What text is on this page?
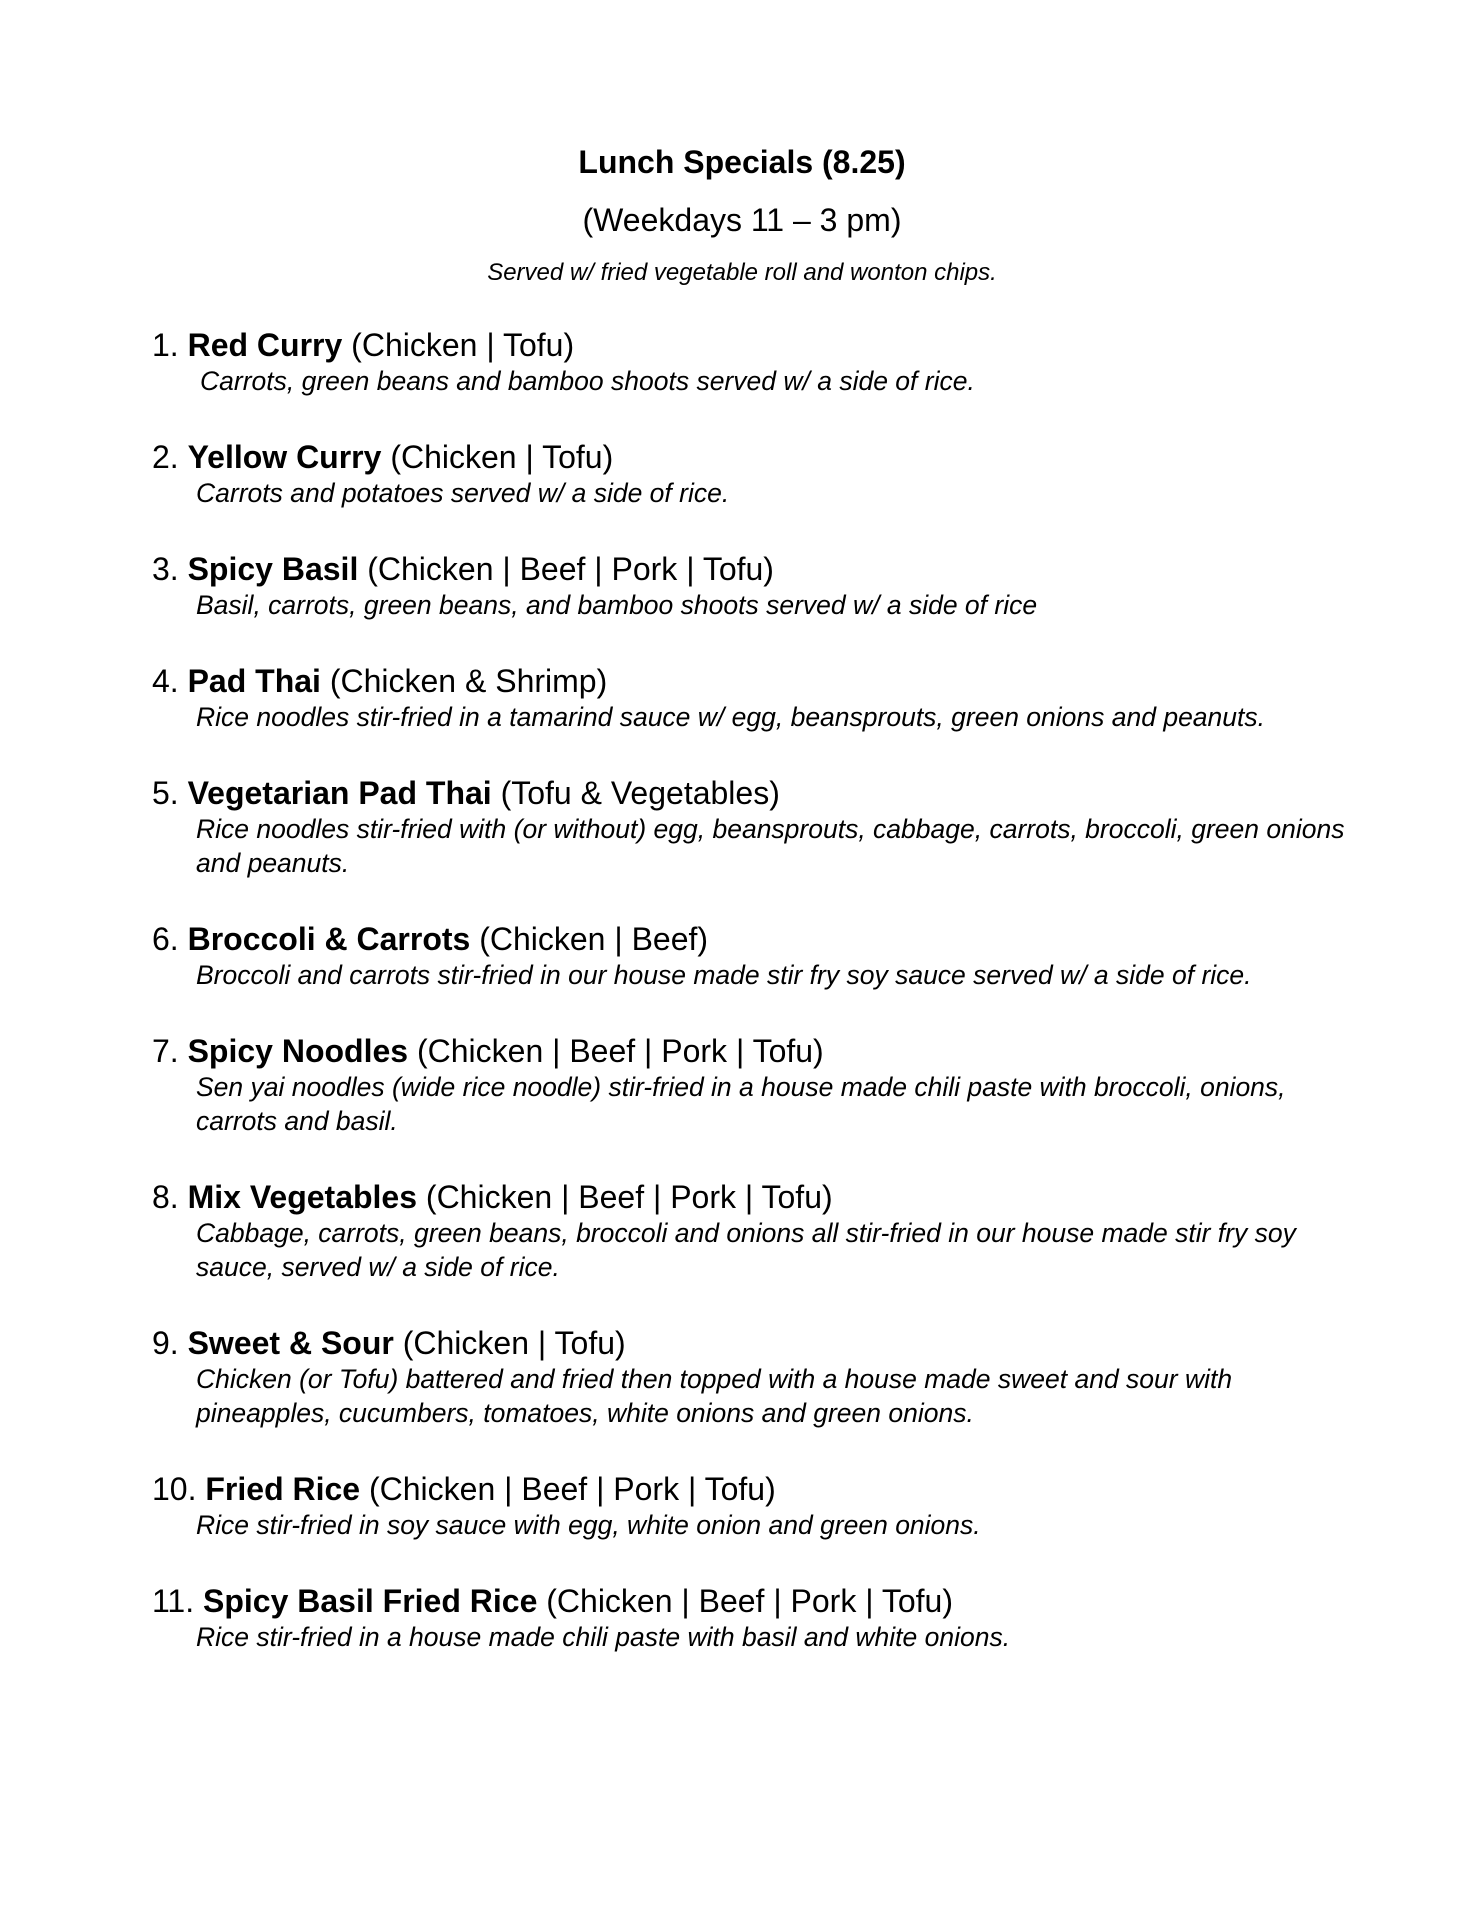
Lunch Specials (8.25)
(Weekdays 11 – 3 pm)
Served w/ fried vegetable roll and wonton chips.
1. Red Curry (Chicken | Tofu)
Carrots, green beans and bamboo shoots served w/ a side of rice.
2. Yellow Curry (Chicken | Tofu)
Carrots and potatoes served w/ a side of rice.
3. Spicy Basil (Chicken | Beef | Pork | Tofu)
Basil, carrots, green beans, and bamboo shoots served w/ a side of rice
4. Pad Thai (Chicken & Shrimp)
Rice noodles stir-fried in a tamarind sauce w/ egg, beansprouts, green onions and peanuts.
5. Vegetarian Pad Thai (Tofu & Vegetables)
Rice noodles stir-fried with (or without) egg, beansprouts, cabbage, carrots, broccoli, green onions and peanuts.
6. Broccoli & Carrots (Chicken | Beef)
Broccoli and carrots stir-fried in our house made stir fry soy sauce served w/ a side of rice.
7. Spicy Noodles (Chicken | Beef | Pork | Tofu)
Sen yai noodles (wide rice noodle) stir-fried in a house made chili paste with broccoli, onions, carrots and basil.
8. Mix Vegetables (Chicken | Beef | Pork | Tofu)
Cabbage, carrots, green beans, broccoli and onions all stir-fried in our house made stir fry soy sauce, served w/ a side of rice.
9. Sweet & Sour (Chicken | Tofu)
Chicken (or Tofu) battered and fried then topped with a house made sweet and sour with pineapples, cucumbers, tomatoes, white onions and green onions.
10. Fried Rice (Chicken | Beef | Pork | Tofu)
Rice stir-fried in soy sauce with egg, white onion and green onions.
11. Spicy Basil Fried Rice (Chicken | Beef | Pork | Tofu)
Rice stir-fried in a house made chili paste with basil and white onions.
